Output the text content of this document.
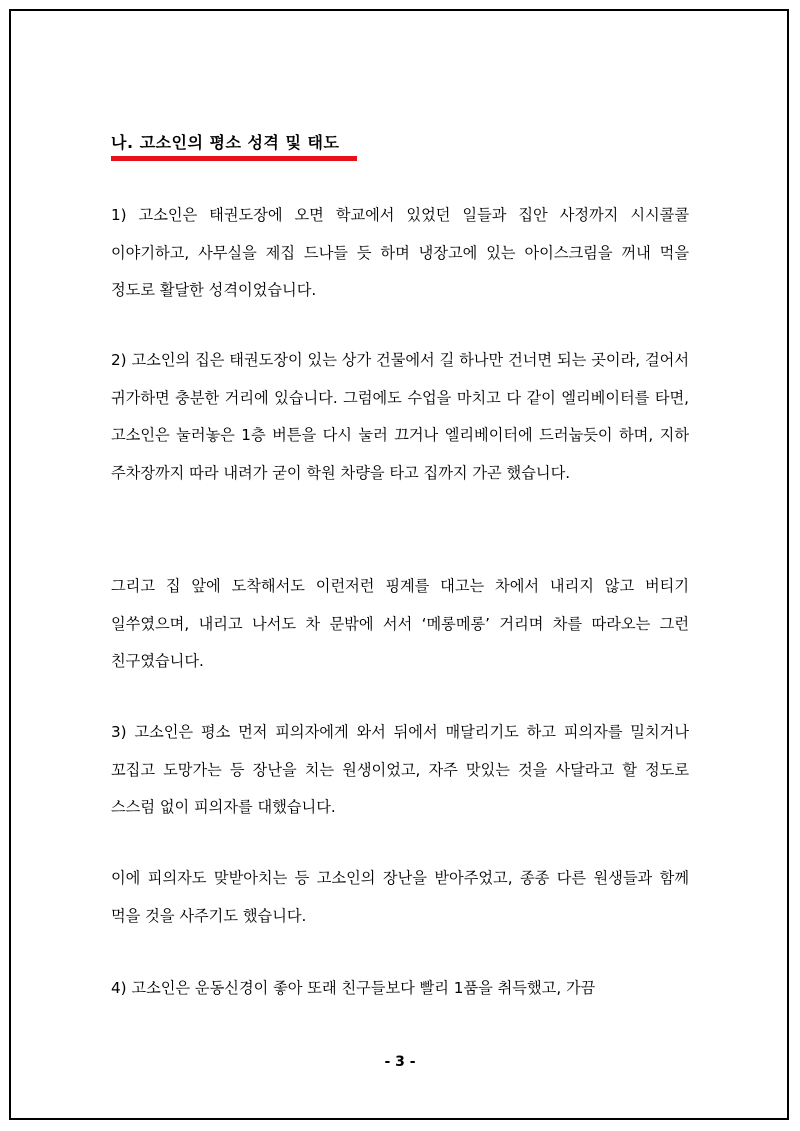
나. 고소인의 평소 성격 및 태도

1) 고소인은 태권도장에 오면 학교에서 있었던 일들과 집안 사정까지 시시콜콜 이야기하고, 사무실을 제집 드나들 듯 하며 냉장고에 있는 아이스크림을 꺼내 먹을 정도로 활달한 성격이었습니다.

2) 고소인의 집은 태권도장이 있는 상가 건물에서 길 하나만 건너면 되는 곳이라, 걸어서 귀가하면 충분한 거리에 있습니다. 그럼에도 수업을 마치고 다 같이 엘리베이터를 타면, 고소인은 눌러놓은 1층 버튼을 다시 눌러 끄거나 엘리베이터에 드러눕듯이 하며, 지하 주차장까지 따라 내려가 굳이 학원 차량을 타고 집까지 가곤 했습니다.

그리고 집 앞에 도착해서도 이런저런 핑계를 대고는 차에서 내리지 않고 버티기 일쑤였으며, 내리고 나서도 차 문밖에 서서 ‘메롱메롱’ 거리며 차를 따라오는 그런 친구였습니다.

3) 고소인은 평소 먼저 피의자에게 와서 뒤에서 매달리기도 하고 피의자를 밀치거나 꼬집고 도망가는 등 장난을 치는 원생이었고, 자주 맛있는 것을 사달라고 할 정도로 스스럼 없이 피의자를 대했습니다.

이에 피의자도 맞받아치는 등 고소인의 장난을 받아주었고, 종종 다른 원생들과 함께 먹을 것을 사주기도 했습니다.

4) 고소인은 운동신경이 좋아 또래 친구들보다 빨리 1품을 취득했고, 가끔

- 3 -
